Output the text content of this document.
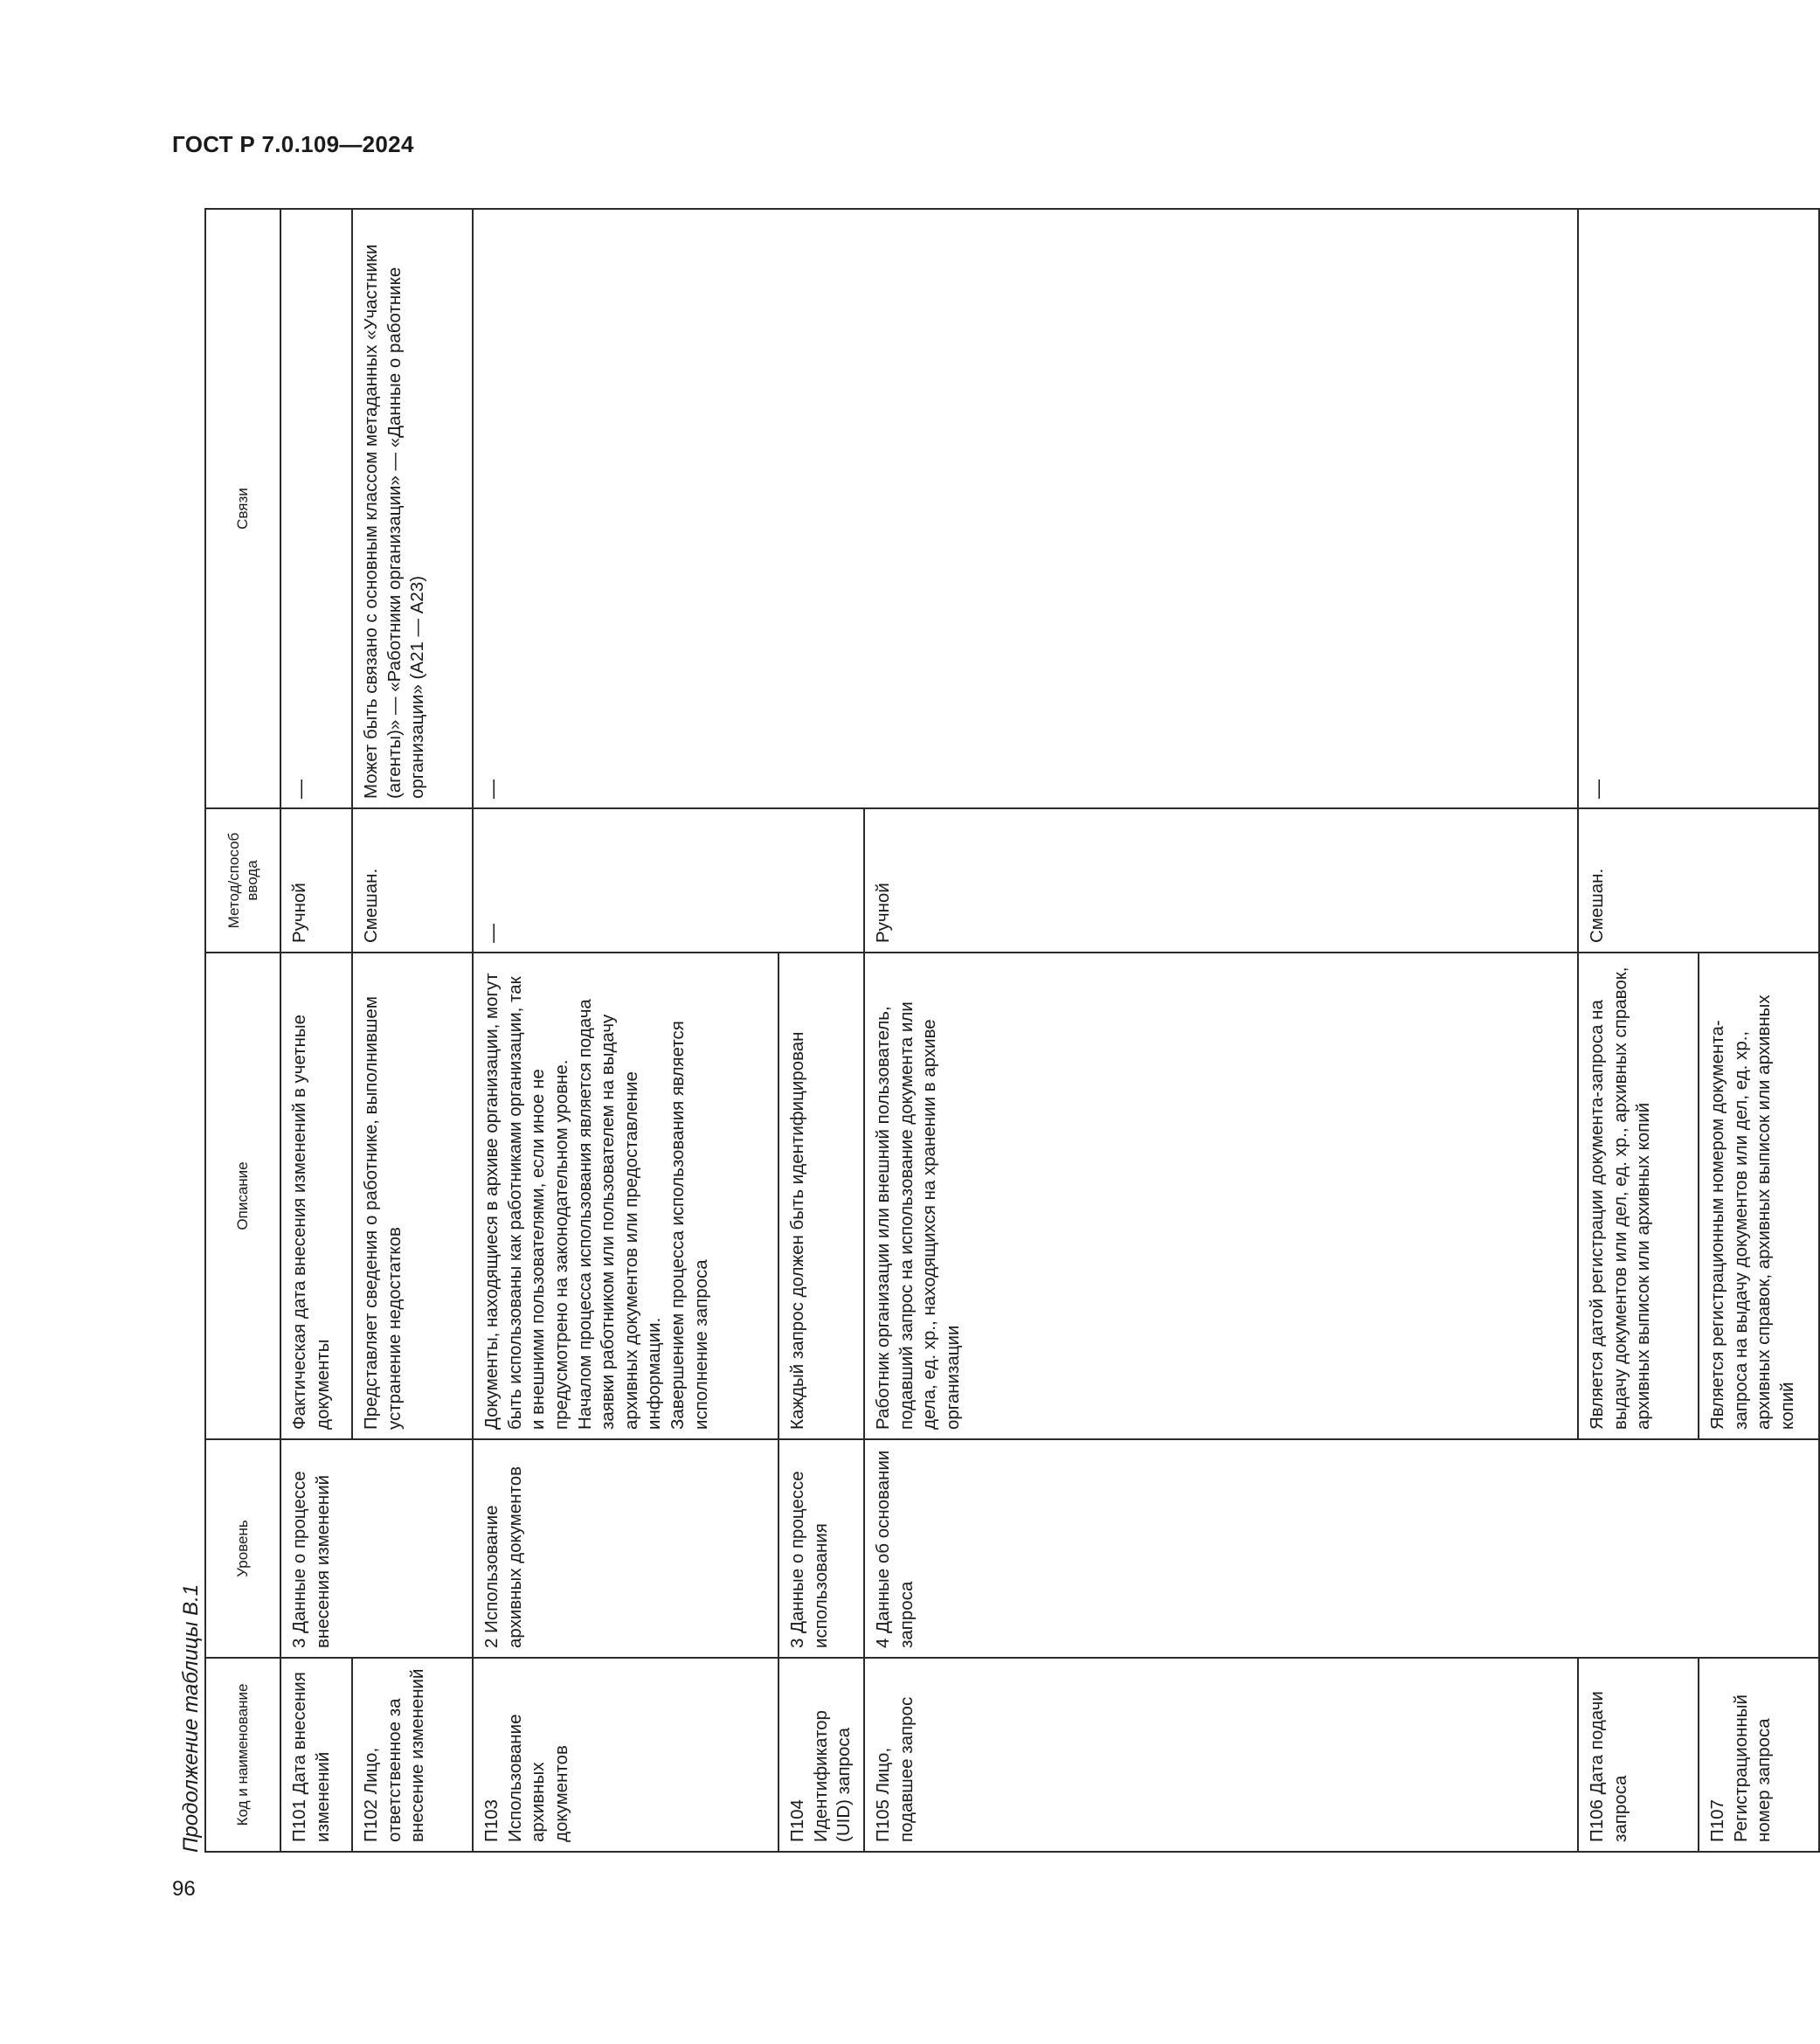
ГОСТ Р 7.0.109—2024
96
Продолжение таблицы В.1 Код и наименование	Уровень	Описание	Метод/способ ввода	Связи	
П101 Дата внесения изменений	3 Данные о процессе внесения изменений	Фактическая дата внесения изменений в учетные документы	Ручной	—	
П102 Лицо, ответственное за внесение изменений		Представляет сведения о работнике, выполнившем устранение недостатков	Смешан.	Может быть связано с основным классом метаданных «Участники (агенты)» — «Работники организации» — «Данные о работнике организации» (А21 — А23)	
П103 Использование архивных документов	2 Использование архивных документов	Документы, находящиеся в архиве организации, могут быть использованы как работниками организации, так и внешними пользователями, если иное не предусмотрено на законодательном уровне. Началом процесса использования является подача заявки работником или пользователем на выдачу архивных документов или предоставление информации. Завершением процесса использования является исполнение запроса	—	—	
П104 Идентификатор (UID) запроса	3 Данные о процессе использования	Каждый запрос должен быть идентифицирован			
П105 Лицо, подавшее запрос	4 Данные об основании запроса	Работник организации или внешний пользователь, подавший запрос на использование документа или дела, ед. хр., находящихся на хранении в архиве организации	Ручной	
П106 Дата подачи запроса		Является датой регистрации документа-запроса на выдачу документов или дел, ед. хр., архивных справок, архивных выписок или архивных копий	Смешан.	—	
П107 Регистрационный номер запроса		Является регистрационным номером документа-запроса на выдачу документов или дел, ед. хр., архивных справок, архивных выписок или архивных копий			
